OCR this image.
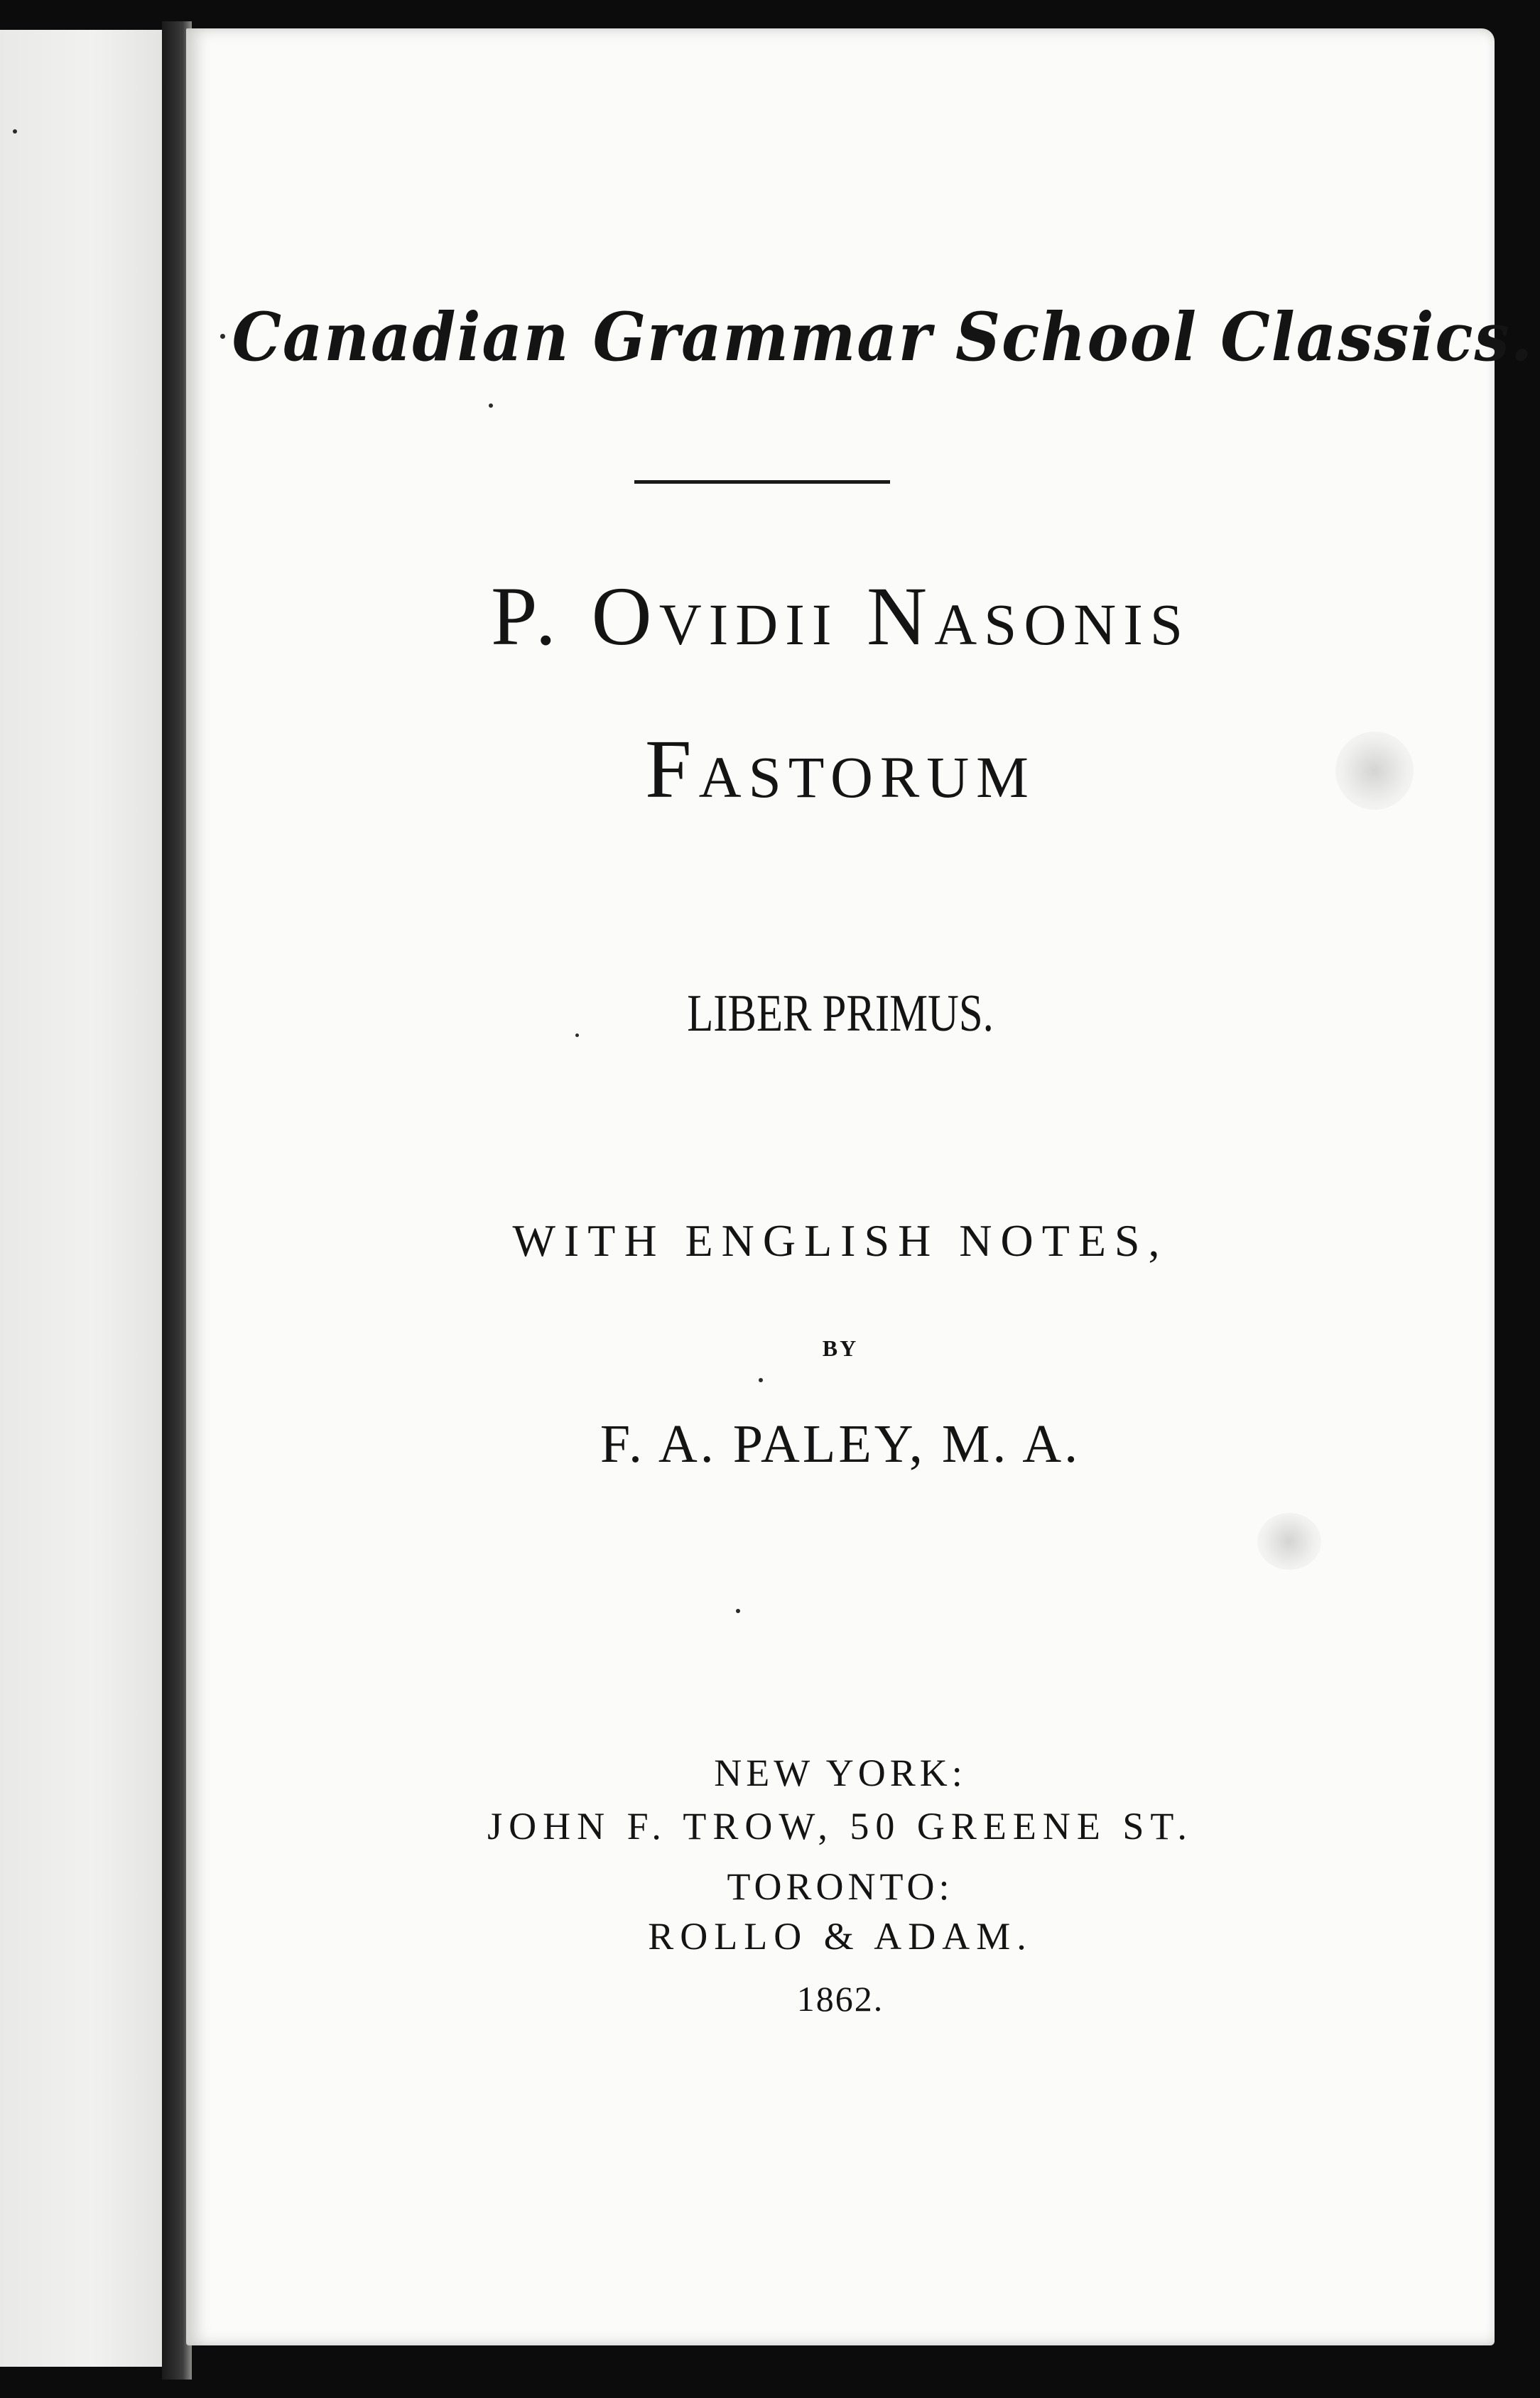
Canadian Grammar School Classics.
P. Ovidii Nasonis
Fastorum
LIBER PRIMUS.
WITH ENGLISH NOTES,
BY
F. A. PALEY, M. A.
NEW YORK:
JOHN F. TROW, 50 GREENE ST.
TORONTO:
ROLLO & ADAM.
1862.
